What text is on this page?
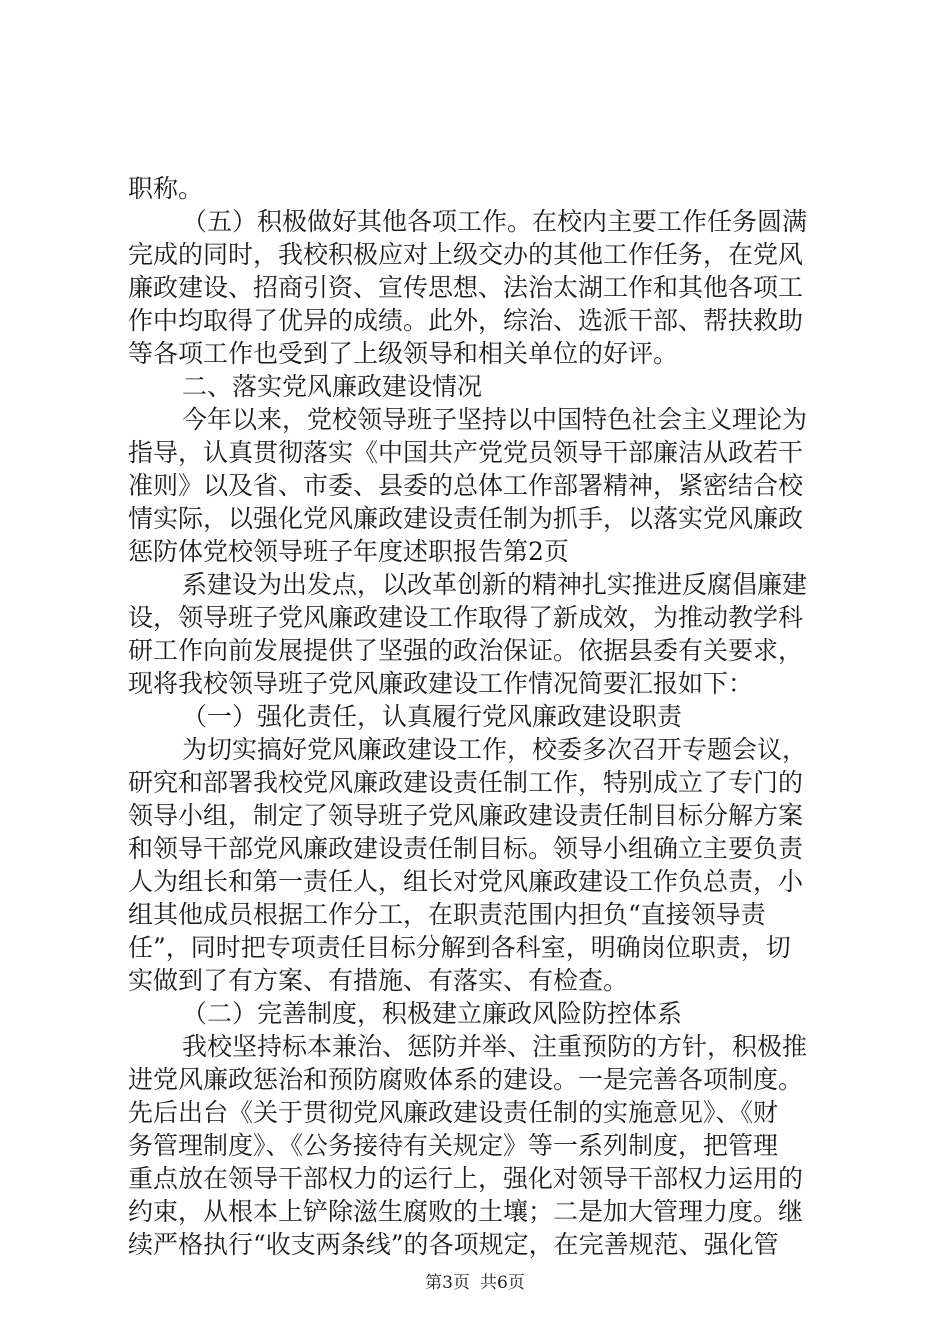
职称。
（五）积极做好其他各项工作。在校内主要工作任务圆满
完成的同时，我校积极应对上级交办的其他工作任务，在党风
廉政建设、招商引资、宣传思想、法治太湖工作和其他各项工
作中均取得了优异的成绩。此外，综治、选派干部、帮扶救助
等各项工作也受到了上级领导和相关单位的好评。
二、落实党风廉政建设情况
今年以来，党校领导班子坚持以中国特色社会主义理论为
指导，认真贯彻落实《中国共产党党员领导干部廉洁从政若干
准则》以及省、市委、县委的总体工作部署精神，紧密结合校
情实际，以强化党风廉政建设责任制为抓手，以落实党风廉政
惩防体党校领导班子年度述职报告第2页
系建设为出发点，以改革创新的精神扎实推进反腐倡廉建
设，领导班子党风廉政建设工作取得了新成效，为推动教学科
研工作向前发展提供了坚强的政治保证。依据县委有关要求，
现将我校领导班子党风廉政建设工作情况简要汇报如下：
（一）强化责任，认真履行党风廉政建设职责
为切实搞好党风廉政建设工作，校委多次召开专题会议，
研究和部署我校党风廉政建设责任制工作，特别成立了专门的
领导小组，制定了领导班子党风廉政建设责任制目标分解方案
和领导干部党风廉政建设责任制目标。领导小组确立主要负责
人为组长和第一责任人，组长对党风廉政建设工作负总责，小
组其他成员根据工作分工，在职责范围内担负“直接领导责
任”，同时把专项责任目标分解到各科室，明确岗位职责，切
实做到了有方案、有措施、有落实、有检查。
（二）完善制度，积极建立廉政风险防控体系
我校坚持标本兼治、惩防并举、注重预防的方针，积极推
进党风廉政惩治和预防腐败体系的建设。一是完善各项制度。
先后出台《关于贯彻党风廉政建设责任制的实施意见》、《财
务管理制度》、《公务接待有关规定》等一系列制度，把管理
重点放在领导干部权力的运行上，强化对领导干部权力运用的
约束，从根本上铲除滋生腐败的土壤；二是加大管理力度。继
续严格执行“收支两条线”的各项规定，在完善规范、强化管
第3页 共6页
